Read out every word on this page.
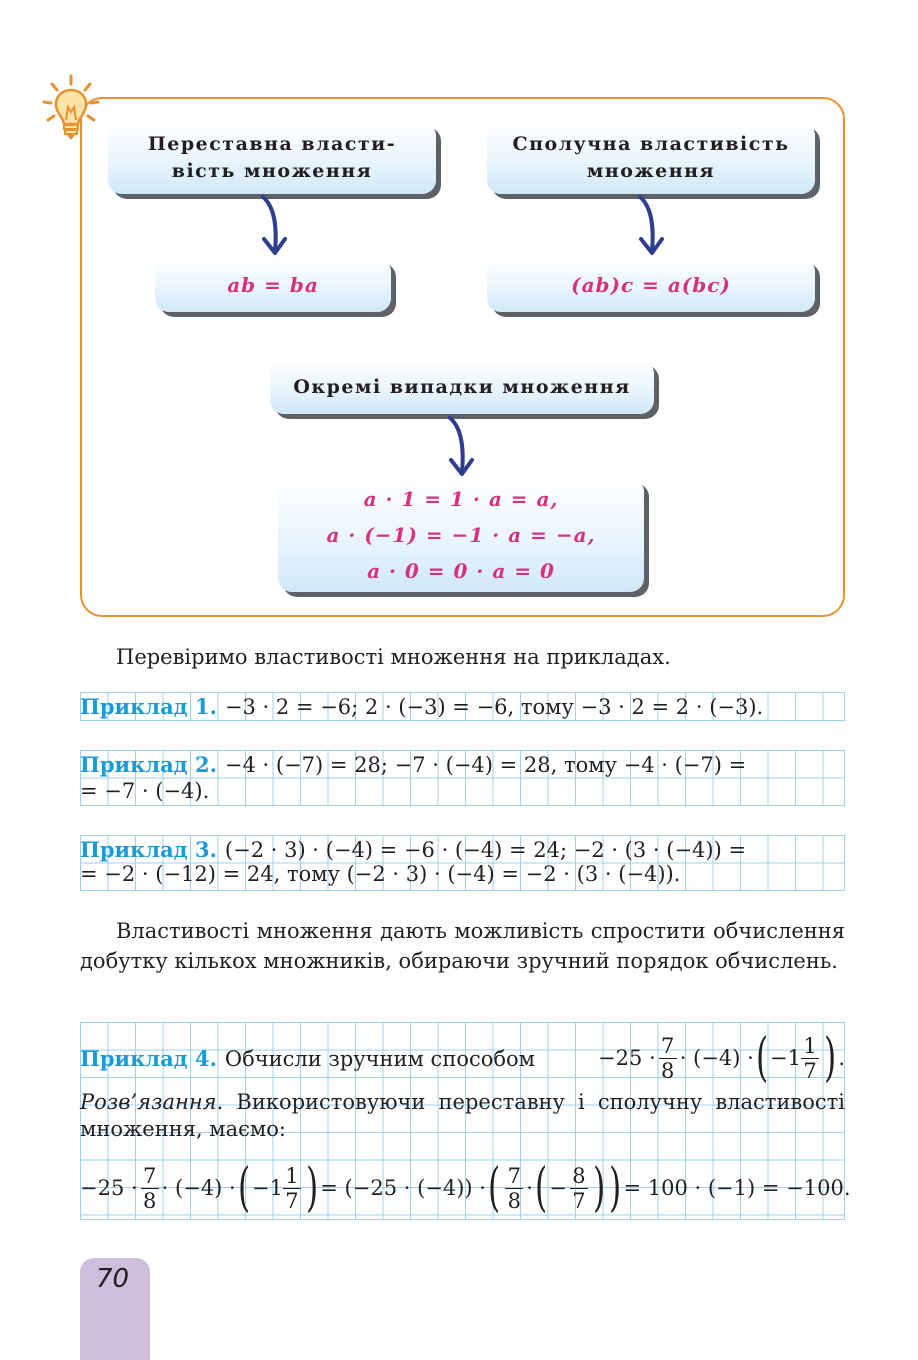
Переставна власти-
вість множення
Сполучна властивість
множення
ab = ba	(ab)c = a(bc)
Окремі випадки множення
a · 1 = 1 · a = a,
a · (−1) = −1 · a = −a,
a · 0 = 0 · a = 0
Перевіримо властивості множення на прикладах.
Приклад 1. −3 · 2 = −6; 2 · (−3) = −6, тому −3 · 2 = 2 · (−3).
Приклад 2. −4 · (−7) = 28; −7 · (−4) = 28, тому −4 · (−7) =
= −7 · (−4).
Приклад 3. (−2 · 3) · (−4) = −6 · (−4) = 24; −2 · (3 · (−4)) =
= −2 · (−12) = 24, тому (−2 · 3) · (−4) = −2 · (3 · (−4)).
Властивості множення дають можливість спростити обчислення добутку кількох множників, обираючи зручний порядок обчислень.
Приклад 4. Обчисли зручним способом	$-25 \cdot \frac{7}{8} \cdot (-4)$ · ( $-1 \frac{1}{7}$ ) .
Розв’язання. Використовуючи переставну і сполучну властивості множення, маємо:
$-25 \cdot \frac{7}{8} \cdot (-4)$ · ( $-1 \frac{1}{7}$ ) = (−25 · (−4)) · ( $\frac{7}{8}$ · ( − $\frac{8}{7}$ ) ) = 100 · (−1) = −100.
70
